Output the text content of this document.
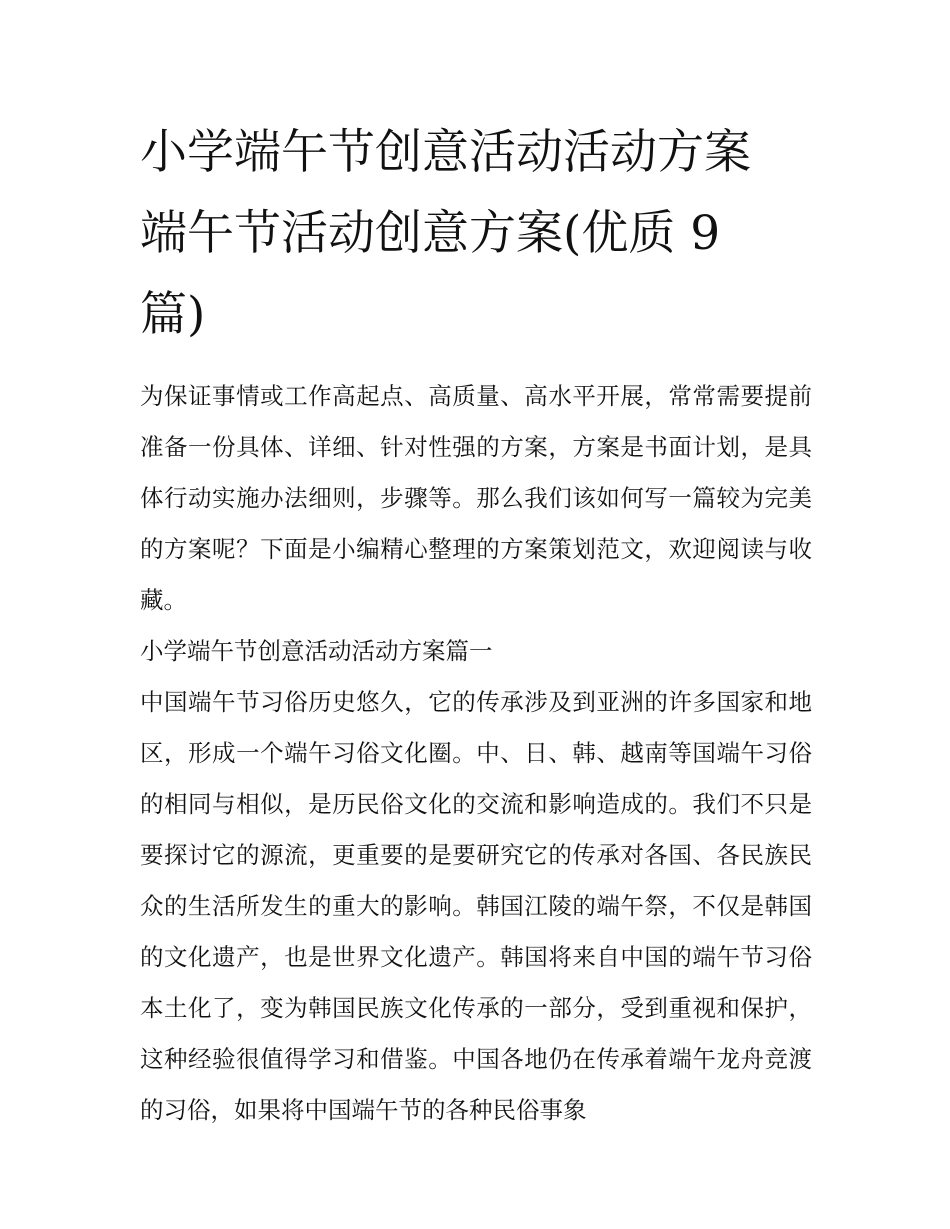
小学端午节创意活动活动方案
端午节活动创意方案(优质 9
篇)

为保证事情或工作高起点、高质量、高水平开展，常常需要提前准备一份具体、详细、针对性强的方案，方案是书面计划，是具体行动实施办法细则，步骤等。那么我们该如何写一篇较为完美的方案呢？下面是小编精心整理的方案策划范文，欢迎阅读与收藏。

小学端午节创意活动活动方案篇一

中国端午节习俗历史悠久，它的传承涉及到亚洲的许多国家和地区，形成一个端午习俗文化圈。中、日、韩、越南等国端午习俗的相同与相似，是历民俗文化的交流和影响造成的。我们不只是要探讨它的源流，更重要的是要研究它的传承对各国、各民族民众的生活所发生的重大的影响。韩国江陵的端午祭，不仅是韩国的文化遗产，也是世界文化遗产。韩国将来自中国的端午节习俗本土化了，变为韩国民族文化传承的一部分，受到重视和保护，这种经验很值得学习和借鉴。中国各地仍在传承着端午龙舟竞渡的习俗，如果将中国端午节的各种民俗事象
